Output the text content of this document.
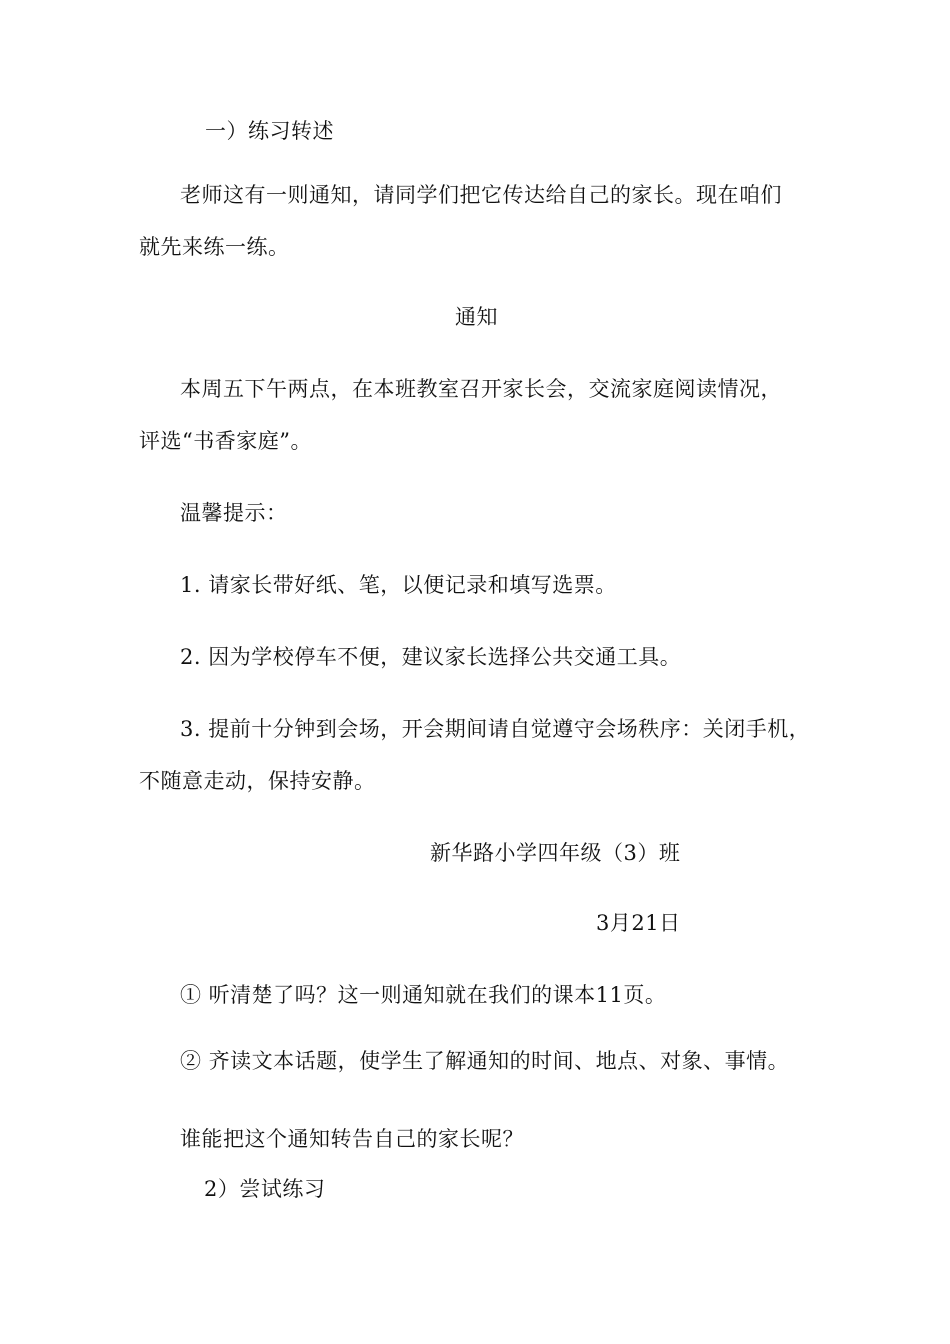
一）练习转述
老师这有一则通知，请同学们把它传达给自己的家长。现在咱们
就先来练一练。
通知
本周五下午两点，在本班教室召开家长会，交流家庭阅读情况，
评选“书香家庭”。
温馨提示：
1. 请家长带好纸、笔，以便记录和填写选票。
2. 因为学校停车不便，建议家长选择公共交通工具。
3. 提前十分钟到会场，开会期间请自觉遵守会场秩序：关闭手机，
不随意走动，保持安静。
新华路小学四年级（3）班
3月21日
① 听清楚了吗？这一则通知就在我们的课本11页。
② 齐读文本话题，使学生了解通知的时间、地点、对象、事情。
谁能把这个通知转告自己的家长呢？
2）尝试练习
